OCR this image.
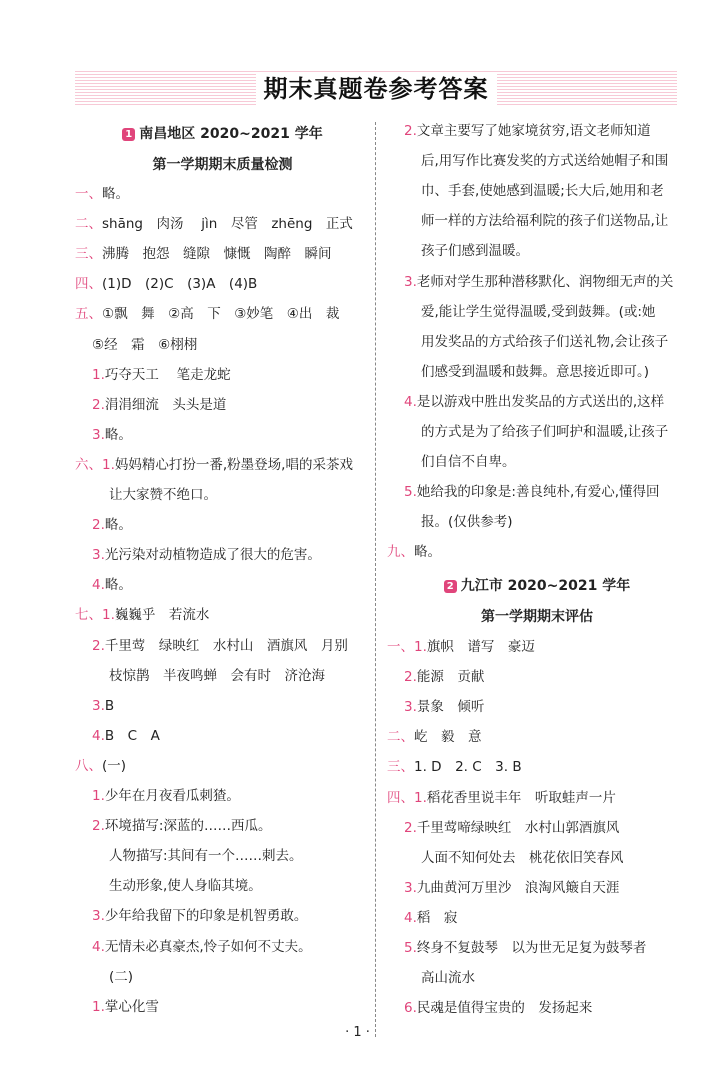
期末真题卷参考答案
1 南昌地区 2020~2021 学年
第一学期期末质量检测
一、略。
二、shāng　肉汤　 jìn　尽管　zhēng　正式
三、沸腾　抱怨　缝隙　慷慨　陶醉　瞬间
四、(1)D　(2)C　(3)A　(4)B
五、①飘　舞　②高　下　③妙笔　④出　裁
⑤经　霜　⑥栩栩
1.巧夺天工　 笔走龙蛇
2.涓涓细流　头头是道
3.略。
六、1.妈妈精心打扮一番,粉墨登场,唱的采茶戏
让大家赞不绝口。
2.略。
3.光污染对动植物造成了很大的危害。
4.略。
七、1.巍巍乎　若流水
2.千里莺　绿映红　水村山　酒旗风　月别
枝惊鹊　半夜鸣蝉　会有时　济沧海
3.B
4.B　C　A
八、(一)
1.少年在月夜看瓜刺猹。
2.环境描写:深蓝的……西瓜。
人物描写:其间有一个……刺去。
生动形象,使人身临其境。
3.少年给我留下的印象是机智勇敢。
4.无情未必真豪杰,怜子如何不丈夫。
(二)
1.掌心化雪
2.文章主要写了她家境贫穷,语文老师知道
后,用写作比赛发奖的方式送给她帽子和围
巾、手套,使她感到温暖;长大后,她用和老
师一样的方法给福利院的孩子们送物品,让
孩子们感到温暖。
3.老师对学生那种潜移默化、润物细无声的关
爱,能让学生觉得温暖,受到鼓舞。(或:她
用发奖品的方式给孩子们送礼物,会让孩子
们感受到温暖和鼓舞。意思接近即可。)
4.是以游戏中胜出发奖品的方式送出的,这样
的方式是为了给孩子们呵护和温暖,让孩子
们自信不自卑。
5.她给我的印象是:善良纯朴,有爱心,懂得回
报。(仅供参考)
九、略。
2 九江市 2020~2021 学年
第一学期期末评估
一、1.旗帜　谱写　豪迈
2.能源　贡献
3.景象　倾听
二、屹　毅　意
三、1. D　2. C　3. B
四、1.稻花香里说丰年　听取蛙声一片
2.千里莺啼绿映红　水村山郭酒旗风
人面不知何处去　桃花依旧笑春风
3.九曲黄河万里沙　浪淘风簸自天涯
4.稻　寂
5.终身不复鼓琴　以为世无足复为鼓琴者
高山流水
6.民魂是值得宝贵的　发扬起来
· 1 ·
